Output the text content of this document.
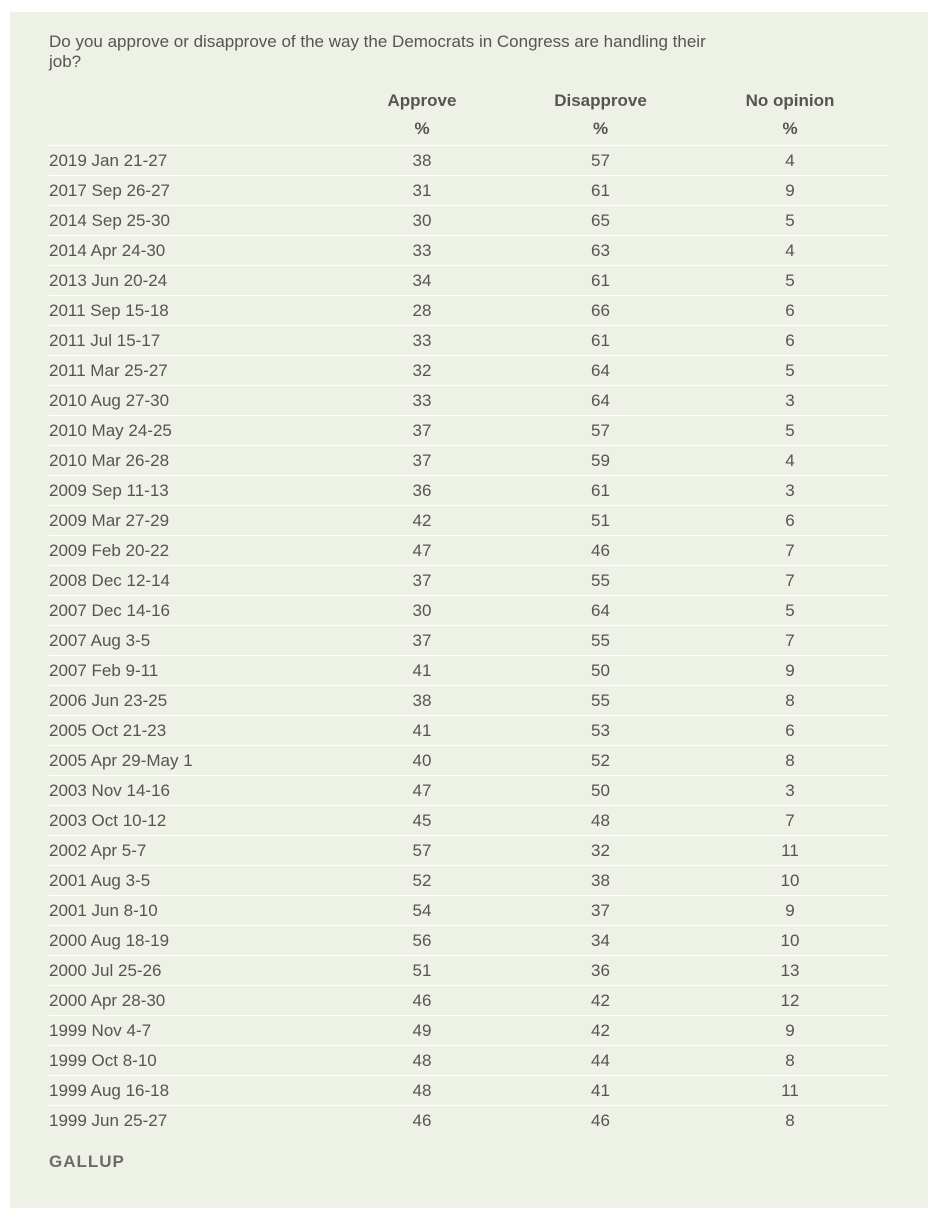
Do you approve or disapprove of the way the Democrats in Congress are handling their job?
	Approve	Disapprove	No opinion
	%	%	%
2019 Jan 21-27	38	57	4
2017 Sep 26-27	31	61	9
2014 Sep 25-30	30	65	5
2014 Apr 24-30	33	63	4
2013 Jun 20-24	34	61	5
2011 Sep 15-18	28	66	6
2011 Jul 15-17	33	61	6
2011 Mar 25-27	32	64	5
2010 Aug 27-30	33	64	3
2010 May 24-25	37	57	5
2010 Mar 26-28	37	59	4
2009 Sep 11-13	36	61	3
2009 Mar 27-29	42	51	6
2009 Feb 20-22	47	46	7
2008 Dec 12-14	37	55	7
2007 Dec 14-16	30	64	5
2007 Aug 3-5	37	55	7
2007 Feb 9-11	41	50	9
2006 Jun 23-25	38	55	8
2005 Oct 21-23	41	53	6
2005 Apr 29-May 1	40	52	8
2003 Nov 14-16	47	50	3
2003 Oct 10-12	45	48	7
2002 Apr 5-7	57	32	11
2001 Aug 3-5	52	38	10
2001 Jun 8-10	54	37	9
2000 Aug 18-19	56	34	10
2000 Jul 25-26	51	36	13
2000 Apr 28-30	46	42	12
1999 Nov 4-7	49	42	9
1999 Oct 8-10	48	44	8
1999 Aug 16-18	48	41	11
1999 Jun 25-27	46	46	8
GALLUP
